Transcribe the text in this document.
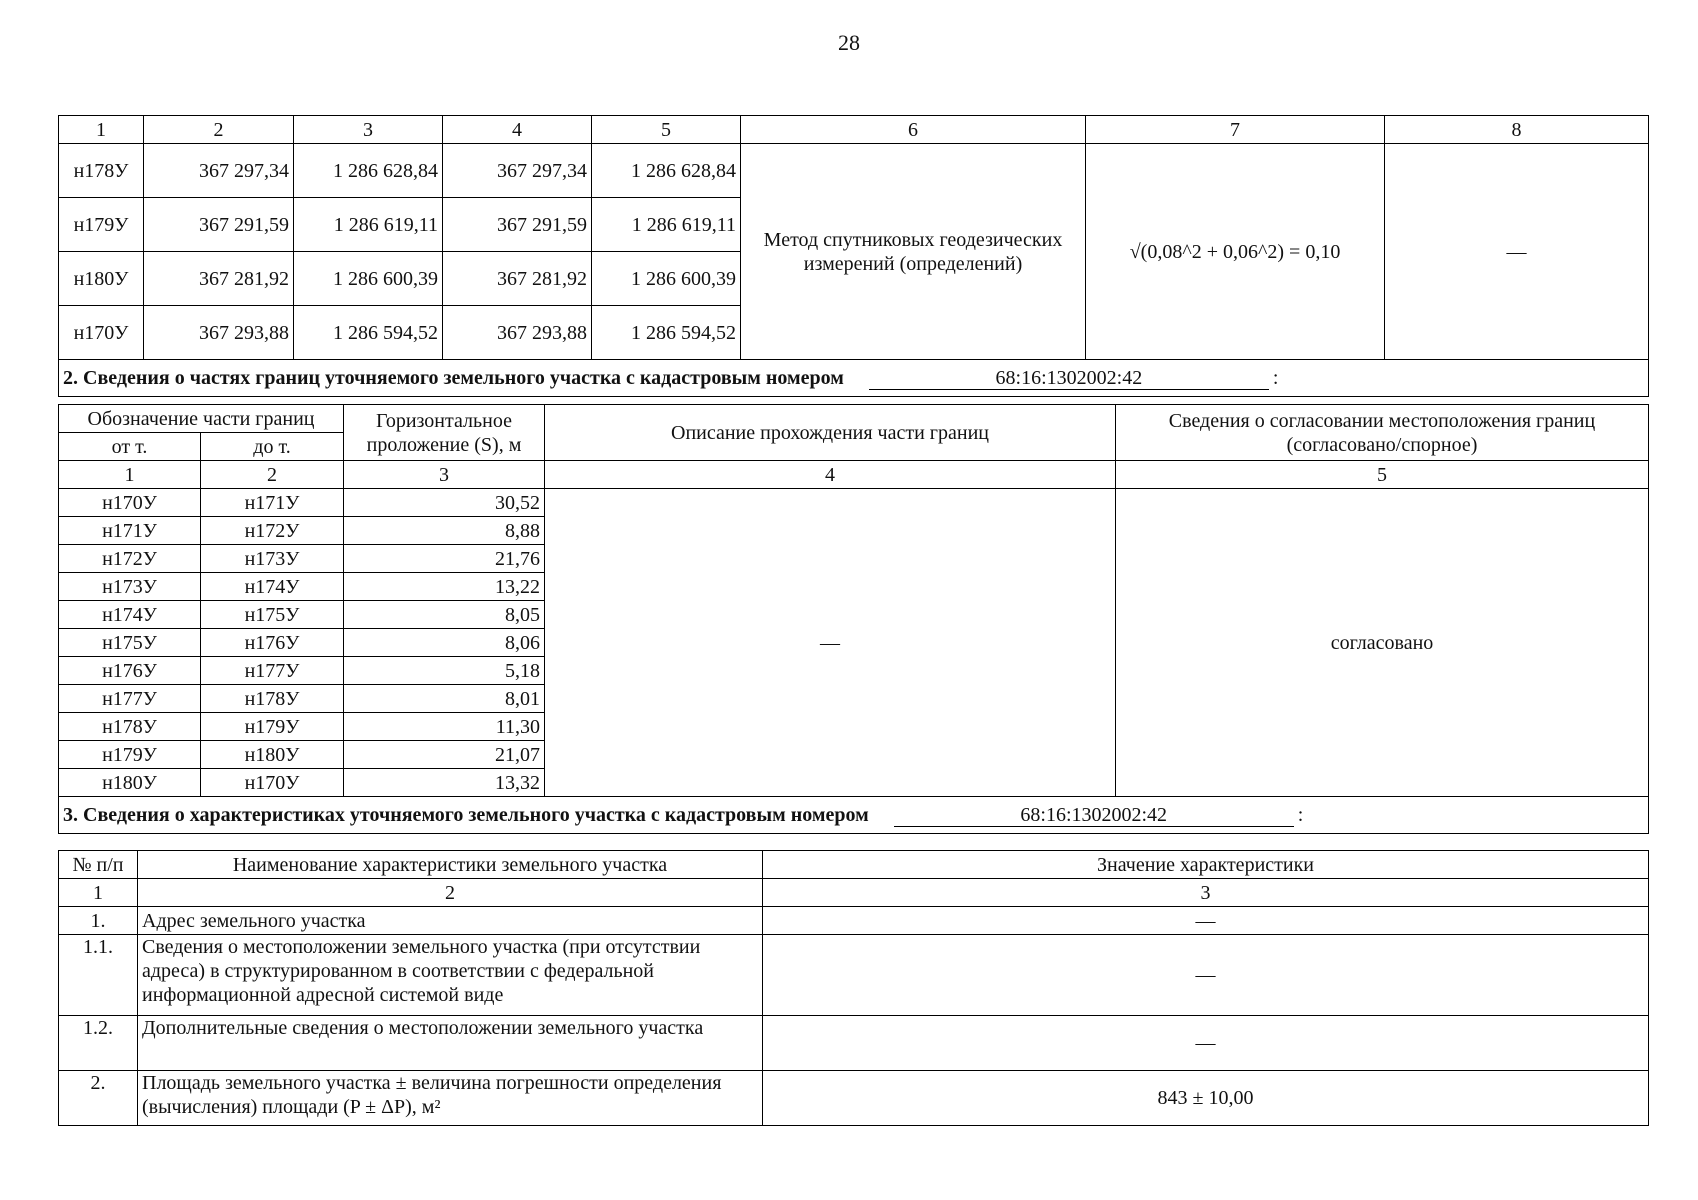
28
1	2	3	4	5	6	7	8
н178У	367 297,34	1 286 628,84	367 297,34	1 286 628,84	Метод спутниковых геодезических измерений (определений)	√(0,08^2 + 0,06^2) = 0,10	—
н179У	367 291,59	1 286 619,11	367 291,59	1 286 619,11			
н180У	367 281,92	1 286 600,39	367 281,92	1 286 600,39			
н170У	367 293,88	1 286 594,52	367 293,88	1 286 594,52			
2. Сведения о частях границ уточняемого земельного участка с кадастровым номером 68:16:1302002:42 :							
Обозначение части границ		Горизонтальное проложение (S), м	Описание прохождения части границ	Сведения о согласовании местоположения границ (согласовано/спорное)
от т.	до т.			
1	2	3	4	5
н170У	н171У	30,52	—	согласовано
н171У	н172У	8,88		
н172У	н173У	21,76		
н173У	н174У	13,22		
н174У	н175У	8,05		
н175У	н176У	8,06		
н176У	н177У	5,18		
н177У	н178У	8,01		
н178У	н179У	11,30		
н179У	н180У	21,07		
н180У	н170У	13,32		
3. Сведения о характеристиках уточняемого земельного участка с кадастровым номером 68:16:1302002:42 :				
№ п/п	Наименование характеристики земельного участка	Значение характеристики
1	2	3
1.	Адрес земельного участка	—
1.1.	Сведения о местоположении земельного участка (при отсутствии адреса) в структурированном в соответствии с федеральной информационной адресной системой виде	—
1.2.	Дополнительные сведения о местоположении земельного участка	—
2.	Площадь земельного участка ± величина погрешности определения (вычисления) площади (P ± ΔP), м²	843 ± 10,00
